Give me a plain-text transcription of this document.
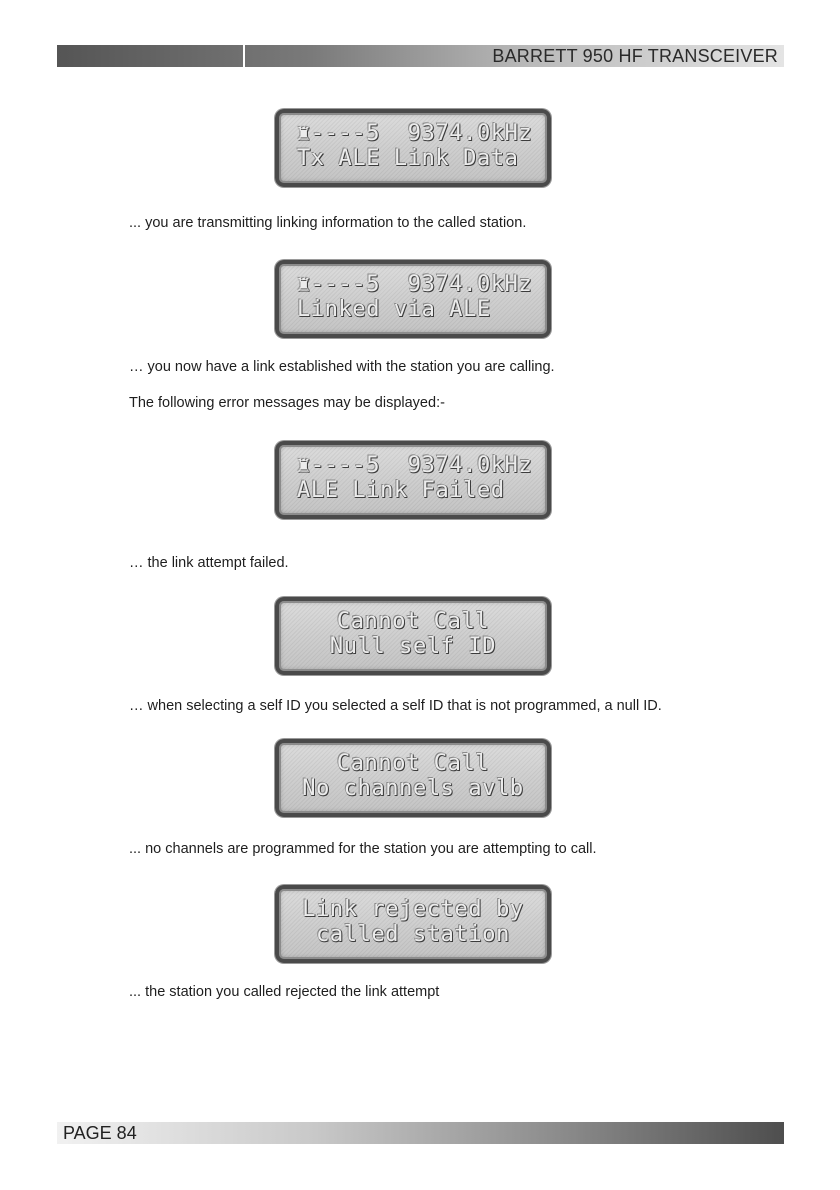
BARRETT 950 HF TRANSCEIVER
♜----5  9374.0kHz
Tx ALE Link Data
... you are transmitting linking information to the called station.
♜----5  9374.0kHz
Linked via ALE
… you now have a link established with the station you are calling.
The following error messages may be displayed:-
♜----5  9374.0kHz
ALE Link Failed
… the link attempt failed.
Cannot Call
Null self ID
… when selecting a self ID you selected a self ID that is not programmed, a null ID.
Cannot Call
No channels avlb
... no channels are programmed for the station you are attempting to call.
Link rejected by
called station
... the station you called rejected the link attempt
PAGE 84
